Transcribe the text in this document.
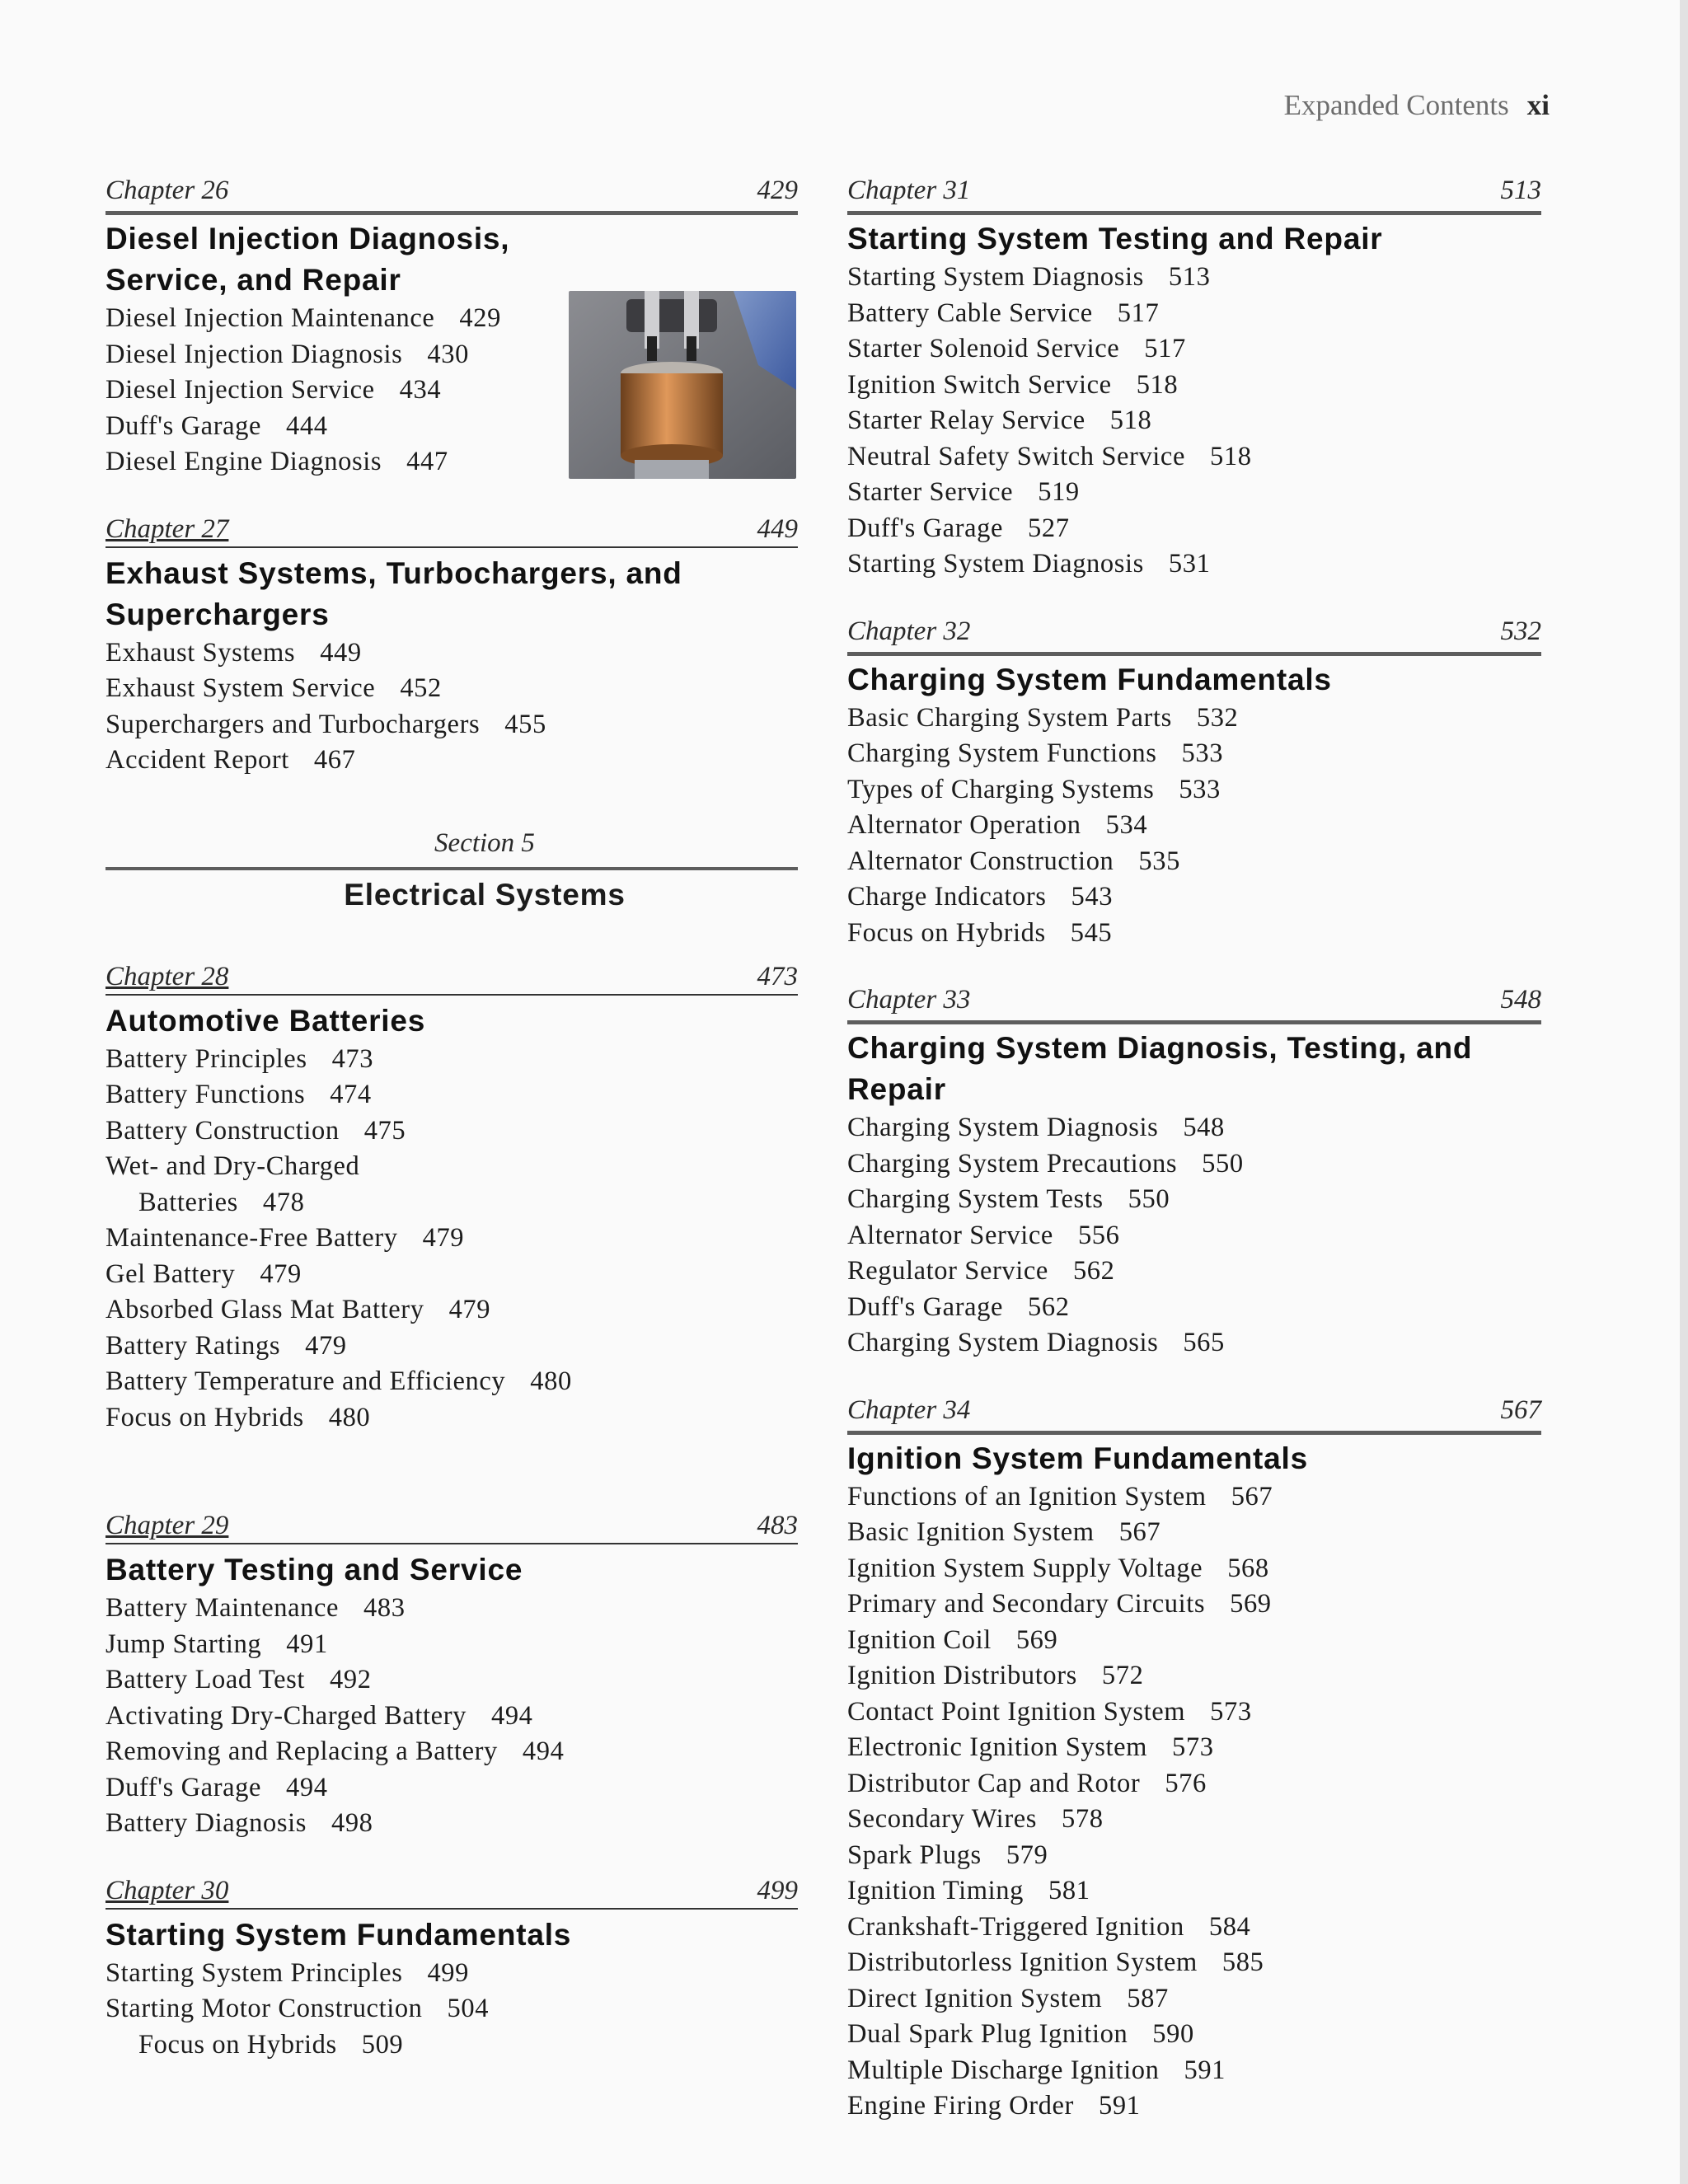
Expanded Contents xi
Chapter 26	429
Diesel Injection Diagnosis, Service, and Repair
Diesel Injection Maintenance 429
Diesel Injection Diagnosis 430
Diesel Injection Service 434
Duff's Garage 444
Diesel Engine Diagnosis 447
Chapter 27	449
Exhaust Systems, Turbochargers, and Superchargers
Exhaust Systems 449
Exhaust System Service 452
Superchargers and Turbochargers 455
Accident Report 467
Section 5
Electrical Systems
Chapter 28	473
Automotive Batteries
Battery Principles 473
Battery Functions 474
Battery Construction 475
Wet- and Dry-Charged
Batteries 478
Maintenance-Free Battery 479
Gel Battery 479
Absorbed Glass Mat Battery 479
Battery Ratings 479
Battery Temperature and Efficiency 480
Focus on Hybrids 480
Chapter 29	483
Battery Testing and Service
Battery Maintenance 483
Jump Starting 491
Battery Load Test 492
Activating Dry-Charged Battery 494
Removing and Replacing a Battery 494
Duff's Garage 494
Battery Diagnosis 498
Chapter 30	499
Starting System Fundamentals
Starting System Principles 499
Starting Motor Construction 504
Focus on Hybrids 509
Chapter 31	513
Starting System Testing and Repair
Starting System Diagnosis 513
Battery Cable Service 517
Starter Solenoid Service 517
Ignition Switch Service 518
Starter Relay Service 518
Neutral Safety Switch Service 518
Starter Service 519
Duff's Garage 527
Starting System Diagnosis 531
Chapter 32	532
Charging System Fundamentals
Basic Charging System Parts 532
Charging System Functions 533
Types of Charging Systems 533
Alternator Operation 534
Alternator Construction 535
Charge Indicators 543
Focus on Hybrids 545
Chapter 33	548
Charging System Diagnosis, Testing, and Repair
Charging System Diagnosis 548
Charging System Precautions 550
Charging System Tests 550
Alternator Service 556
Regulator Service 562
Duff's Garage 562
Charging System Diagnosis 565
Chapter 34	567
Ignition System Fundamentals
Functions of an Ignition System 567
Basic Ignition System 567
Ignition System Supply Voltage 568
Primary and Secondary Circuits 569
Ignition Coil 569
Ignition Distributors 572
Contact Point Ignition System 573
Electronic Ignition System 573
Distributor Cap and Rotor 576
Secondary Wires 578
Spark Plugs 579
Ignition Timing 581
Crankshaft-Triggered Ignition 584
Distributorless Ignition System 585
Direct Ignition System 587
Dual Spark Plug Ignition 590
Multiple Discharge Ignition 591
Engine Firing Order 591
